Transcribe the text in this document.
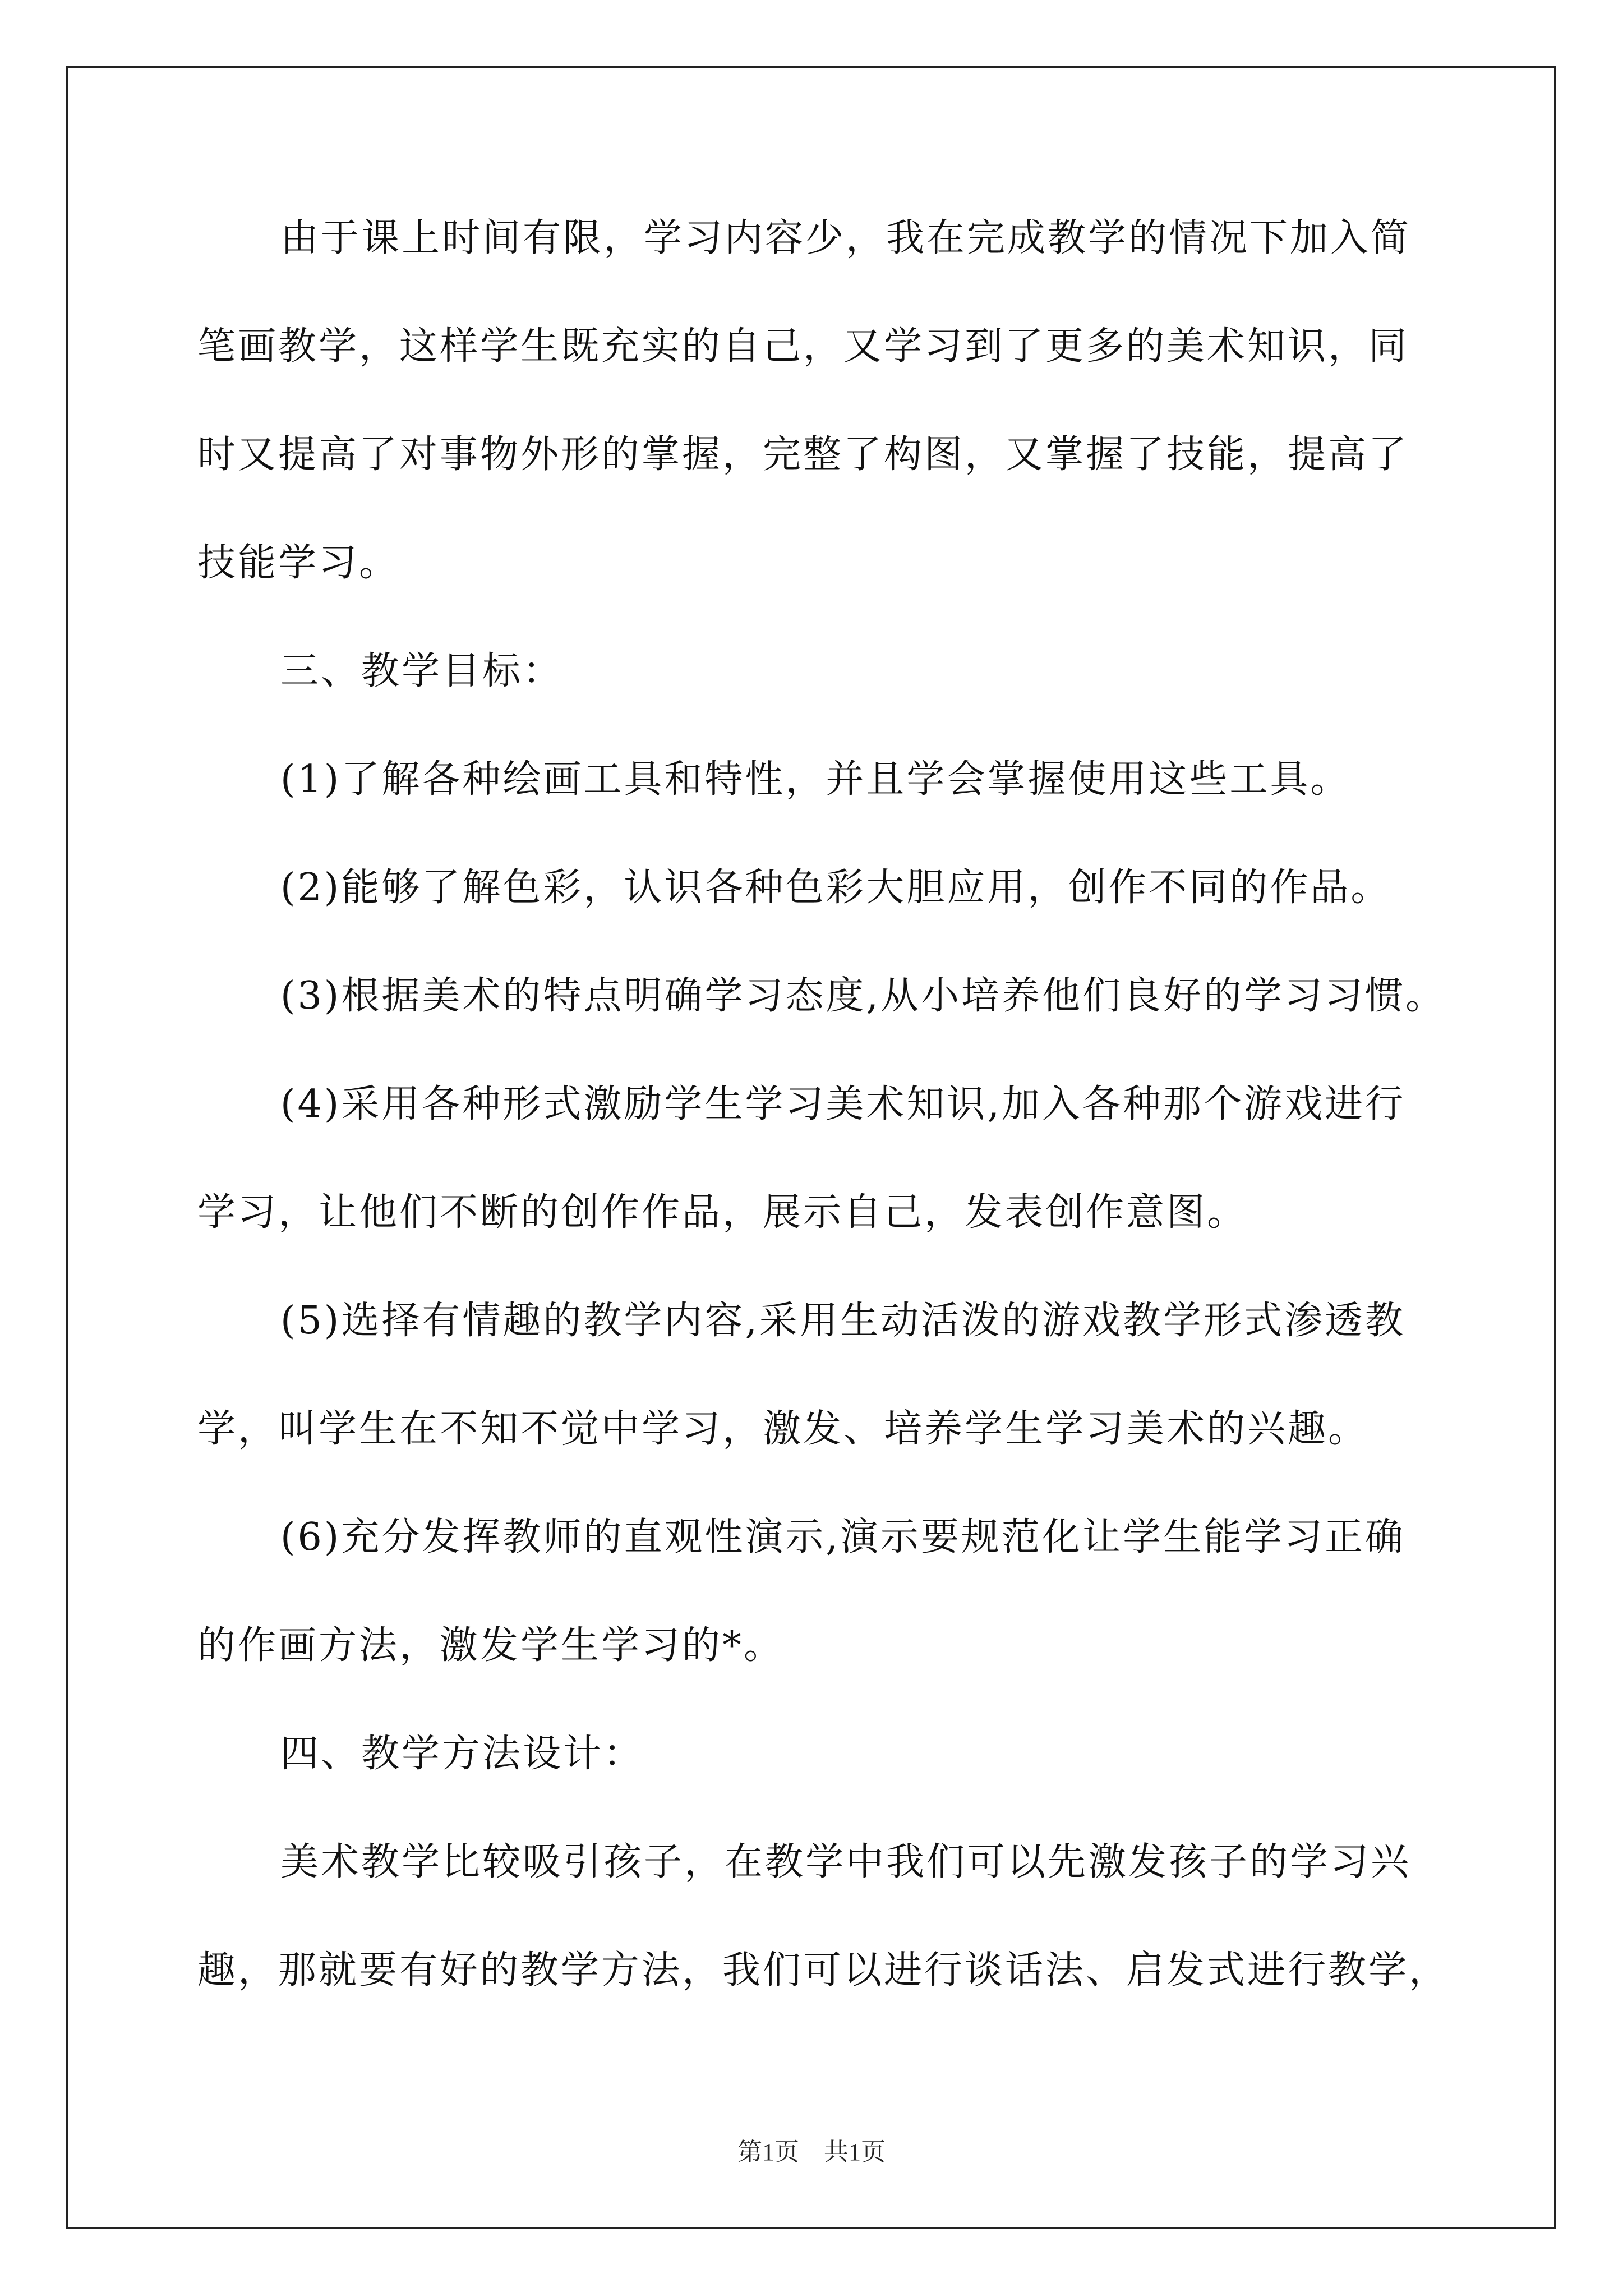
由于课上时间有限，学习内容少，我在完成教学的情况下加入简
笔画教学，这样学生既充实的自己，又学习到了更多的美术知识，同
时又提高了对事物外形的掌握，完整了构图，又掌握了技能，提高了
技能学习。
三、教学目标：
(1)了解各种绘画工具和特性，并且学会掌握使用这些工具。
(2)能够了解色彩，认识各种色彩大胆应用，创作不同的作品。
(3)根据美术的特点明确学习态度,从小培养他们良好的学习习惯。
(4)采用各种形式激励学生学习美术知识,加入各种那个游戏进行
学习，让他们不断的创作作品，展示自己，发表创作意图。
(5)选择有情趣的教学内容,采用生动活泼的游戏教学形式渗透教
学，叫学生在不知不觉中学习，激发、培养学生学习美术的兴趣。
(6)充分发挥教师的直观性演示,演示要规范化让学生能学习正确
的作画方法，激发学生学习的*。
四、教学方法设计：
美术教学比较吸引孩子，在教学中我们可以先激发孩子的学习兴
趣，那就要有好的教学方法，我们可以进行谈话法、启发式进行教学，
第1页　共1页
